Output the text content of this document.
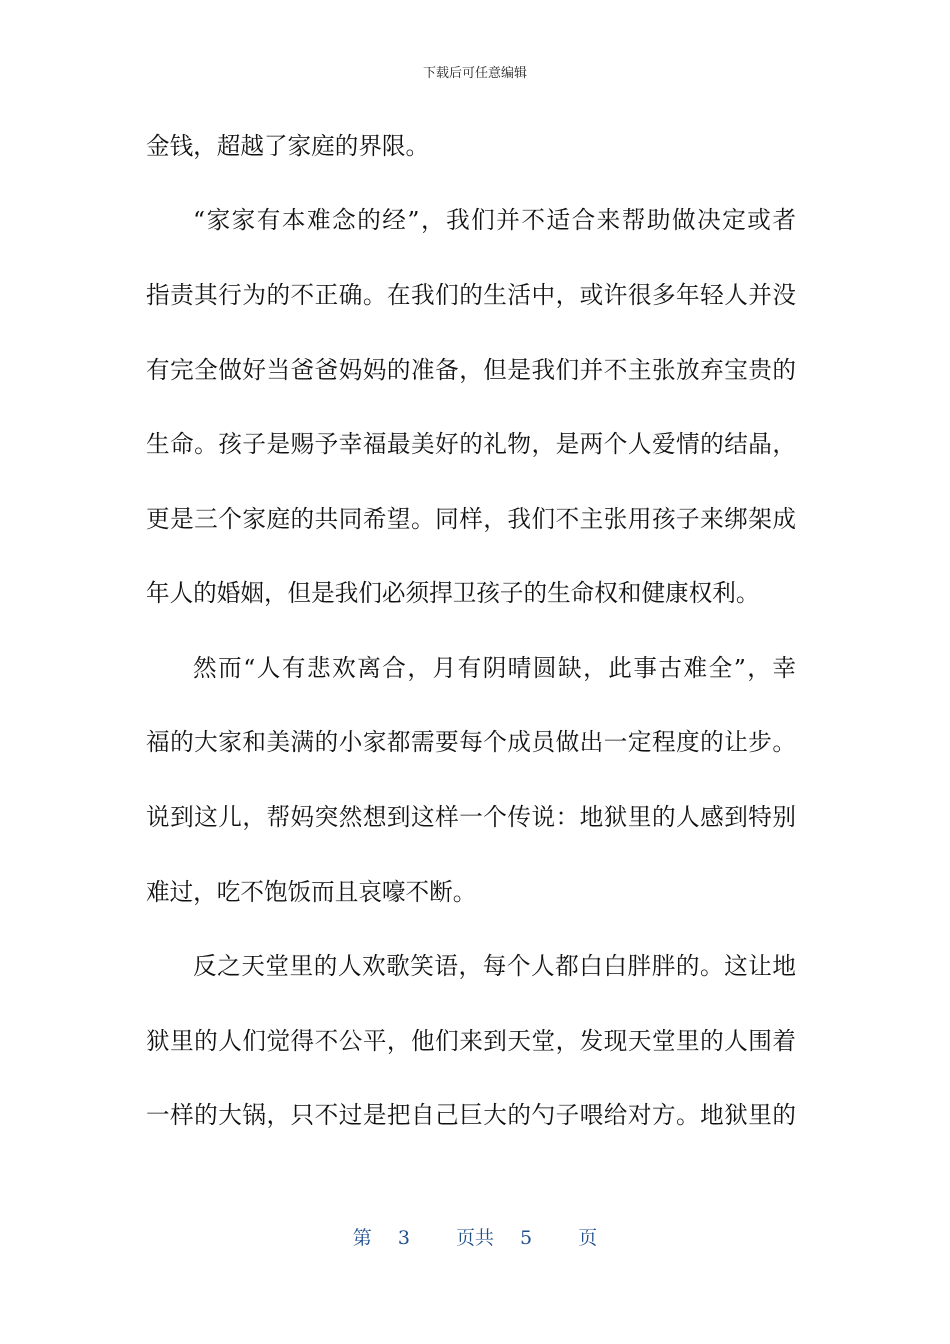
下载后可任意编辑
金钱，超越了家庭的界限。
“家家有本难念的经”，我们并不适合来帮助做决定或者
指责其行为的不正确。在我们的生活中，或许很多年轻人并没
有完全做好当爸爸妈妈的准备，但是我们并不主张放弃宝贵的
生命。孩子是赐予幸福最美好的礼物，是两个人爱情的结晶，
更是三个家庭的共同希望。同样，我们不主张用孩子来绑架成
年人的婚姻，但是我们必须捍卫孩子的生命权和健康权利。
然而“人有悲欢离合，月有阴晴圆缺，此事古难全”，幸
福的大家和美满的小家都需要每个成员做出一定程度的让步。
说到这儿，帮妈突然想到这样一个传说：地狱里的人感到特别
难过，吃不饱饭而且哀嚎不断。
反之天堂里的人欢歌笑语，每个人都白白胖胖的。这让地
狱里的人们觉得不公平，他们来到天堂，发现天堂里的人围着
一样的大锅，只不过是把自己巨大的勺子喂给对方。地狱里的
第 3 页共 5 页
